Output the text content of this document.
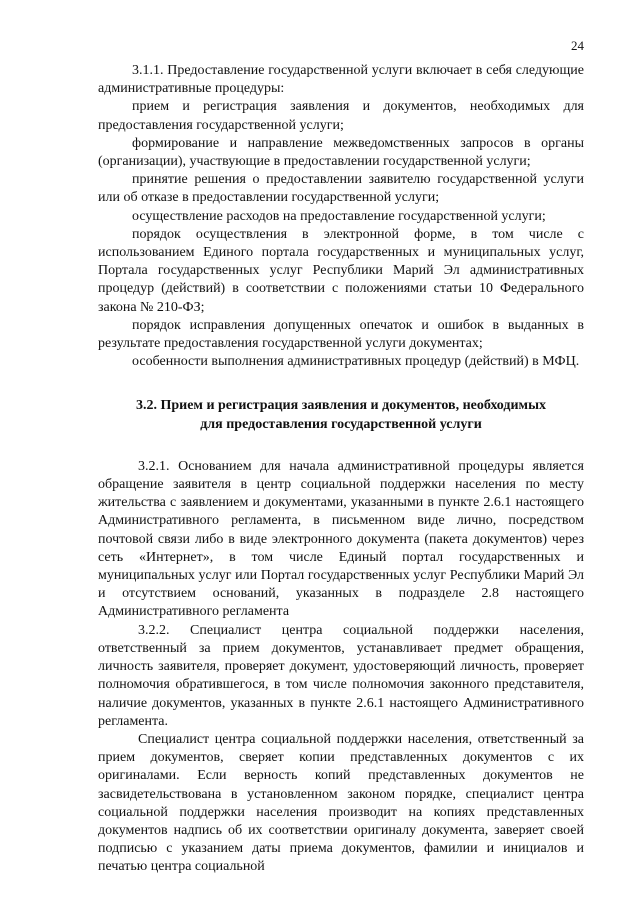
24

3.1.1. Предоставление государственной услуги включает в себя следующие административные процедуры:

прием и регистрация заявления и документов, необходимых для предоставления государственной услуги;

формирование и направление межведомственных запросов в органы (организации), участвующие в предоставлении государственной услуги;

принятие решения о предоставлении заявителю государственной услуги или об отказе в предоставлении государственной услуги;

осуществление расходов на предоставление государственной услуги;

порядок осуществления в электронной форме, в том числе с использованием Единого портала государственных и муниципальных услуг, Портала государственных услуг Республики Марий Эл административных процедур (действий) в соответствии с положениями статьи 10 Федерального закона № 210-ФЗ;

порядок исправления допущенных опечаток и ошибок в выданных в результате предоставления государственной услуги документах;

особенности выполнения административных процедур (действий) в МФЦ.

3.2. Прием и регистрация заявления и документов, необходимых
для предоставления государственной услуги

3.2.1. Основанием для начала административной процедуры является обращение заявителя в центр социальной поддержки населения по месту жительства с заявлением и документами, указанными в пункте 2.6.1 настоящего Административного регламента, в письменном виде лично, посредством почтовой связи либо в виде электронного документа (пакета документов) через сеть «Интернет», в том числе Единый портал государственных и муниципальных услуг или Портал государственных услуг Республики Марий Эл и отсутствием оснований, указанных в подразделе 2.8 настоящего Административного регламента

3.2.2. Специалист центра социальной поддержки населения, ответственный за прием документов, устанавливает предмет обращения, личность заявителя, проверяет документ, удостоверяющий личность, проверяет полномочия обратившегося, в том числе полномочия законного представителя, наличие документов, указанных в пункте 2.6.1 настоящего Административного регламента.

Специалист центра социальной поддержки населения, ответственный за прием документов, сверяет копии представленных документов с их оригиналами. Если верность копий представленных документов не засвидетельствована в установленном законом порядке, специалист центра социальной поддержки населения производит на копиях представленных документов надпись об их соответствии оригиналу документа, заверяет своей подписью с указанием даты приема документов, фамилии и инициалов и печатью центра социальной
